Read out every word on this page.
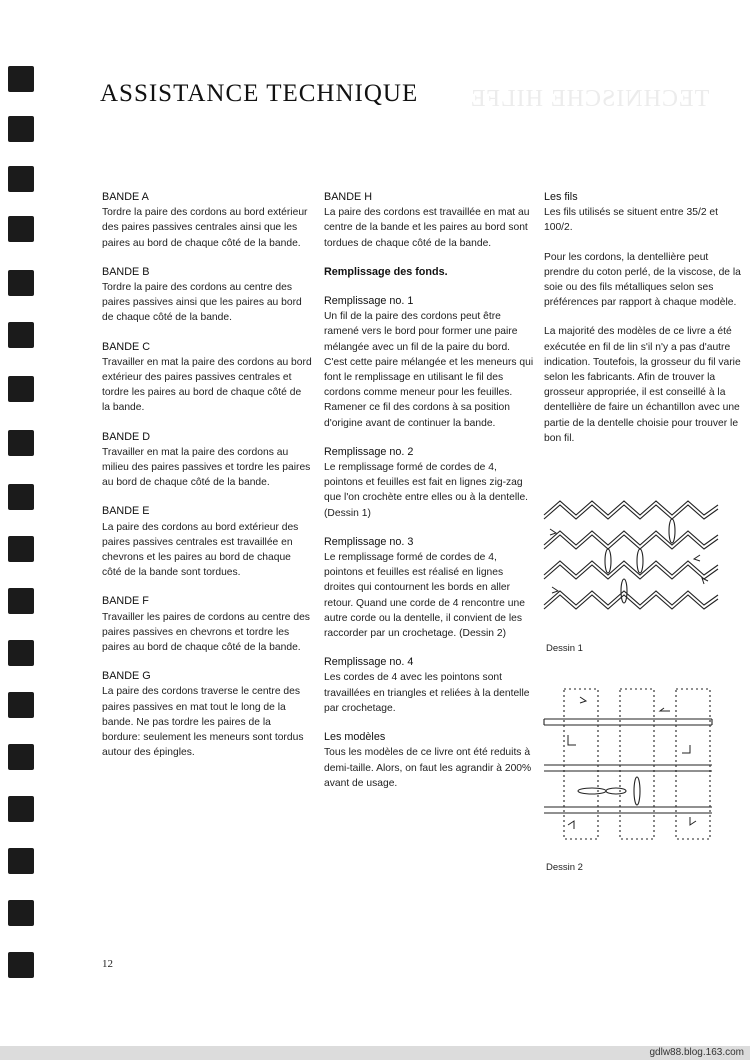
TECHNISCHE HILFE
ASSISTANCE TECHNIQUE
BANDE A

Tordre la paire des cordons au bord extérieur des paires passives centrales ainsi que les paires au bord de chaque côté de la bande.

BANDE B

Tordre la paire des cordons au centre des paires passives ainsi que les paires au bord de chaque côté de la bande.

BANDE C

Travailler en mat la paire des cordons au bord extérieur des paires passives centrales et tordre les paires au bord de chaque côté de la bande.

BANDE D

Travailler en mat la paire des cordons au milieu des paires passives et tordre les paires au bord de chaque côté de la bande.

BANDE E

La paire des cordons au bord extérieur des paires passives centrales est travaillée en chevrons et les paires au bord de chaque côté de la bande sont tordues.

BANDE F

Travailler les paires de cordons au centre des paires passives en chevrons et tordre les paires au bord de chaque côté de la bande.

BANDE G

La paire des cordons traverse le centre des paires passives en mat tout le long de la bande. Ne pas tordre les paires de la bordure: seulement les meneurs sont tordus autour des épingles.

BANDE H

La paire des cordons est travaillée en mat au centre de la bande et les paires au bord sont tordues de chaque côté de la bande.

Remplissage des fonds.
Remplissage no. 1

Un fil de la paire des cordons peut être ramené vers le bord pour former une paire mélangée avec un fil de la paire du bord. C'est cette paire mélangée et les meneurs qui font le remplissage en utilisant le fil des cordons comme meneur pour les feuilles. Ramener ce fil des cordons à sa position d'origine avant de continuer la bande.

Remplissage no. 2

Le remplissage formé de cordes de 4, pointons et feuilles est fait en lignes zig-zag que l'on crochète entre elles ou à la dentelle. (Dessin 1)

Remplissage no. 3

Le remplissage formé de cordes de 4, pointons et feuilles est réalisé en lignes droites qui contournent les bords en aller retour. Quand une corde de 4 rencontre une autre corde ou la dentelle, il convient de les raccorder par un crochetage. (Dessin 2)

Remplissage no. 4

Les cordes de 4 avec les pointons sont travaillées en triangles et reliées à la dentelle par crochetage.

Les modèles

Tous les modèles de ce livre ont été reduits à demi-taille. Alors, on faut les agrandir à 200% avant de usage.

Les fils

Les fils utilisés se situent entre 35/2 et 100/2.

Pour les cordons, la dentellière peut prendre du coton perlé, de la viscose, de la soie ou des fils métalliques selon ses préférences par rapport à chaque modèle.

La majorité des modèles de ce livre a été exécutée en fil de lin s'il n'y a pas d'autre indication. Toutefois, la grosseur du fil varie selon les fabricants. Afin de trouver la grosseur appropriée, il est conseillé à la dentellière de faire un échantillon avec une partie de la dentelle choisie pour trouver le bon fil.

Dessin 1
Dessin 2
12
gdlw88.blog.163.com
